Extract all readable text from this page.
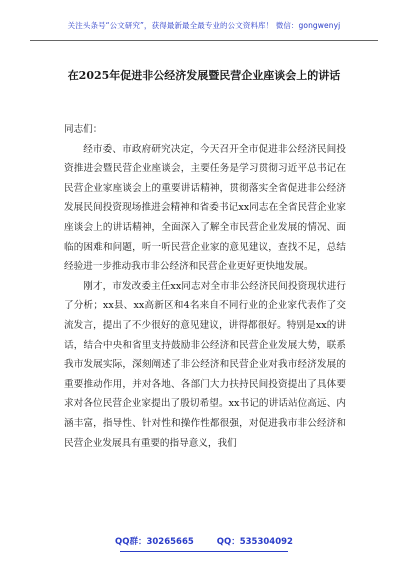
关注头条号“公文研究”，获得最新最全最专业的公文资料库！ 微信：gongwenyj
在2025年促进非公经济发展暨民营企业座谈会上的讲话

同志们：

经市委、市政府研究决定，今天召开全市促进非公经济民间投资推进会暨民营企业座谈会，主要任务是学习贯彻习近平总书记在民营企业家座谈会上的重要讲话精神，贯彻落实全省促进非公经济发展民间投资现场推进会精神和省委书记xx同志在全省民营企业家座谈会上的讲话精神，全面深入了解全市民营企业发展的情况、面临的困难和问题，听一听民营企业家的意见建议，查找不足，总结经验进一步推动我市非公经济和民营企业更好更快地发展。

刚才，市发改委主任xx同志对全市非公经济民间投资现状进行了分析；xx县、xx高新区和4名来自不同行业的企业家代表作了交流发言，提出了不少很好的意见建议，讲得都很好。特别是xx的讲话，结合中央和省里支持鼓励非公经济和民营企业发展大势，联系我市发展实际，深刻阐述了非公经济和民营企业对我市经济发展的重要推动作用，并对各地、各部门大力扶持民间投资提出了具体要求对各位民营企业家提出了殷切希望。xx书记的讲话站位高远、内涵丰富，指导性、针对性和操作性都很强，对促进我市非公经济和民营企业发展具有重要的指导意义，我们

QQ群：30265665	QQ：535304092
